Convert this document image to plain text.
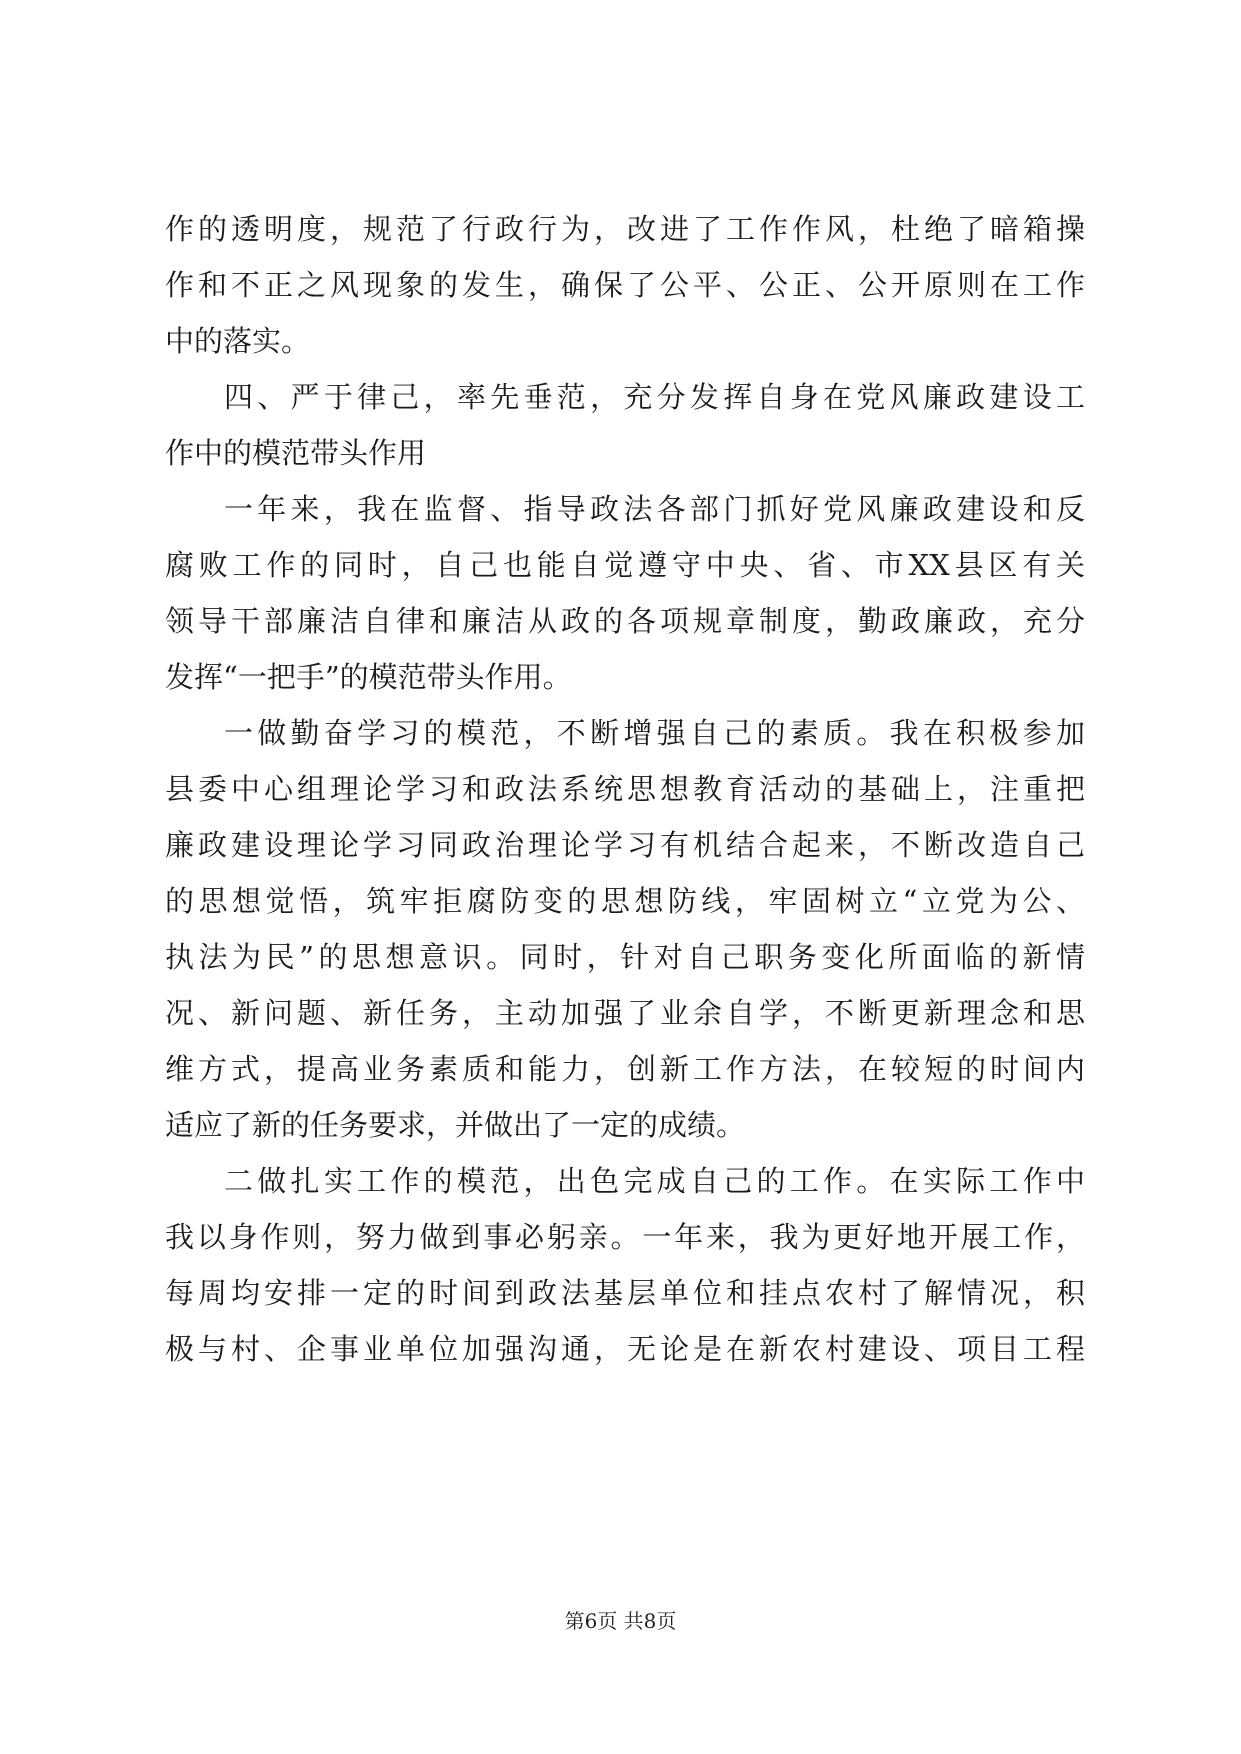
作的透明度，规范了行政行为，改进了工作作风，杜绝了暗箱操
作和不正之风现象的发生，确保了公平、公正、公开原则在工作
中的落实。
四、严于律己，率先垂范，充分发挥自身在党风廉政建设工
作中的模范带头作用
一年来，我在监督、指导政法各部门抓好党风廉政建设和反
腐败工作的同时，自己也能自觉遵守中央、省、市XX县区有关
领导干部廉洁自律和廉洁从政的各项规章制度，勤政廉政，充分
发挥“一把手”的模范带头作用。
一做勤奋学习的模范，不断增强自己的素质。我在积极参加
县委中心组理论学习和政法系统思想教育活动的基础上，注重把
廉政建设理论学习同政治理论学习有机结合起来，不断改造自己
的思想觉悟，筑牢拒腐防变的思想防线，牢固树立“立党为公、
执法为民”的思想意识。同时，针对自己职务变化所面临的新情
况、新问题、新任务，主动加强了业余自学，不断更新理念和思
维方式，提高业务素质和能力，创新工作方法，在较短的时间内
适应了新的任务要求，并做出了一定的成绩。
二做扎实工作的模范，出色完成自己的工作。在实际工作中
我以身作则，努力做到事必躬亲。一年来，我为更好地开展工作，
每周均安排一定的时间到政法基层单位和挂点农村了解情况，积
极与村、企事业单位加强沟通，无论是在新农村建设、项目工程
第6页 共8页
